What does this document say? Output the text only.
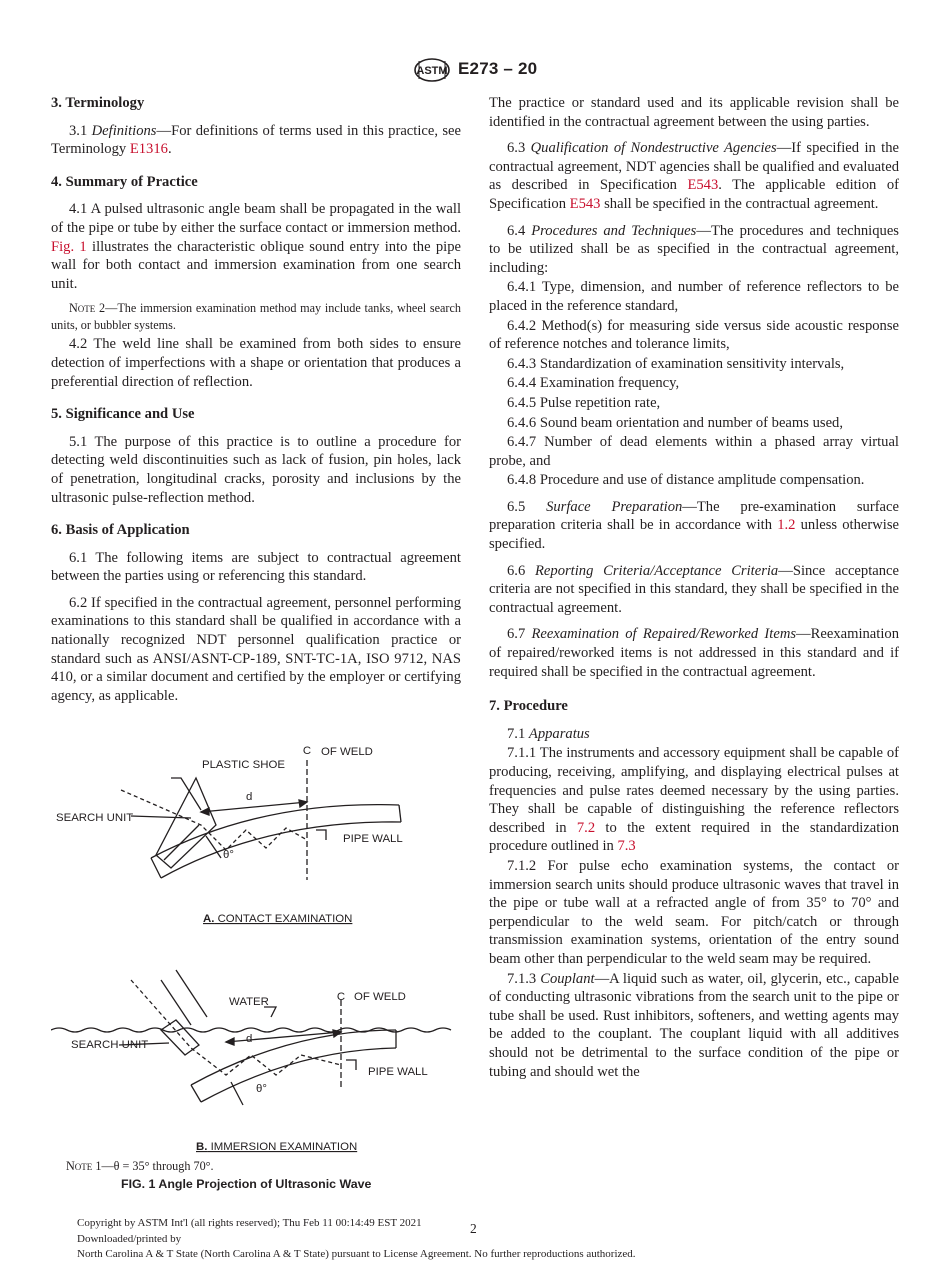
ASTM E273 – 20

3. Terminology

3.1 Definitions—For definitions of terms used in this practice, see Terminology E1316.

4. Summary of Practice

4.1 A pulsed ultrasonic angle beam shall be propagated in the wall of the pipe or tube by either the surface contact or immersion method. Fig. 1 illustrates the characteristic oblique sound entry into the pipe wall for both contact and immersion examination from one search unit.

Note 2—The immersion examination method may include tanks, wheel search units, or bubbler systems.

4.2 The weld line shall be examined from both sides to ensure detection of imperfections with a shape or orientation that produces a preferential direction of reflection.

5. Significance and Use

5.1 The purpose of this practice is to outline a procedure for detecting weld discontinuities such as lack of fusion, pin holes, lack of penetration, longitudinal cracks, porosity and inclusions by the ultrasonic pulse-reflection method.

6. Basis of Application

6.1 The following items are subject to contractual agreement between the parties using or referencing this standard.

6.2 If specified in the contractual agreement, personnel performing examinations to this standard shall be qualified in accordance with a nationally recognized NDT personnel qualification practice or standard such as ANSI/ASNT-CP-189, SNT-TC-1A, ISO 9712, NAS 410, or a similar document and certified by the employer or certifying agency, as applicable.

PLASTIC SHOE
C OF WELD
SEARCH UNIT
PIPE WALL
d
θ°
A. CONTACT EXAMINATION
WATER	C OF WELD
SEARCH UNIT
PIPE WALL
d
θ°
B. IMMERSION EXAMINATION
Note 1—θ = 35° through 70°.
FIG. 1 Angle Projection of Ultrasonic Wave

The practice or standard used and its applicable revision shall be identified in the contractual agreement between the using parties.

6.3 Qualification of Nondestructive Agencies—If specified in the contractual agreement, NDT agencies shall be qualified and evaluated as described in Specification E543. The applicable edition of Specification E543 shall be specified in the contractual agreement.

6.4 Procedures and Techniques—The procedures and techniques to be utilized shall be as specified in the contractual agreement, including:

6.4.1 Type, dimension, and number of reference reflectors to be placed in the reference standard,

6.4.2 Method(s) for measuring side versus side acoustic response of reference notches and tolerance limits,

6.4.3 Standardization of examination sensitivity intervals,

6.4.4 Examination frequency,

6.4.5 Pulse repetition rate,

6.4.6 Sound beam orientation and number of beams used,

6.4.7 Number of dead elements within a phased array virtual probe, and

6.4.8 Procedure and use of distance amplitude compensation.

6.5 Surface Preparation—The pre-examination surface preparation criteria shall be in accordance with 1.2 unless otherwise specified.

6.6 Reporting Criteria/Acceptance Criteria—Since acceptance criteria are not specified in this standard, they shall be specified in the contractual agreement.

6.7 Reexamination of Repaired/Reworked Items—Reexamination of repaired/reworked items is not addressed in this standard and if required shall be specified in the contractual agreement.

7. Procedure

7.1 Apparatus

7.1.1 The instruments and accessory equipment shall be capable of producing, receiving, amplifying, and displaying electrical pulses at frequencies and pulse rates deemed necessary by the using parties. They shall be capable of distinguishing the reference reflectors described in 7.2 to the extent required in the standardization procedure outlined in 7.3

7.1.2 For pulse echo examination systems, the contact or immersion search units should produce ultrasonic waves that travel in the pipe or tube wall at a refracted angle of from 35° to 70° and perpendicular to the weld seam. For pitch/catch or through transmission examination systems, orientation of the entry sound beam other than perpendicular to the weld seam may be required.

7.1.3 Couplant—A liquid such as water, oil, glycerin, etc., capable of conducting ultrasonic vibrations from the search unit to the pipe or tube shall be used. Rust inhibitors, softeners, and wetting agents may be added to the couplant. The couplant liquid with all additives should not be detrimental to the surface condition of the pipe or tubing and should wet the

Copyright by ASTM Int'l (all rights reserved); Thu Feb 11 00:14:49 EST 2021

Downloaded/printed by

North Carolina A & T State (North Carolina A & T State) pursuant to License Agreement. No further reproductions authorized.

2
